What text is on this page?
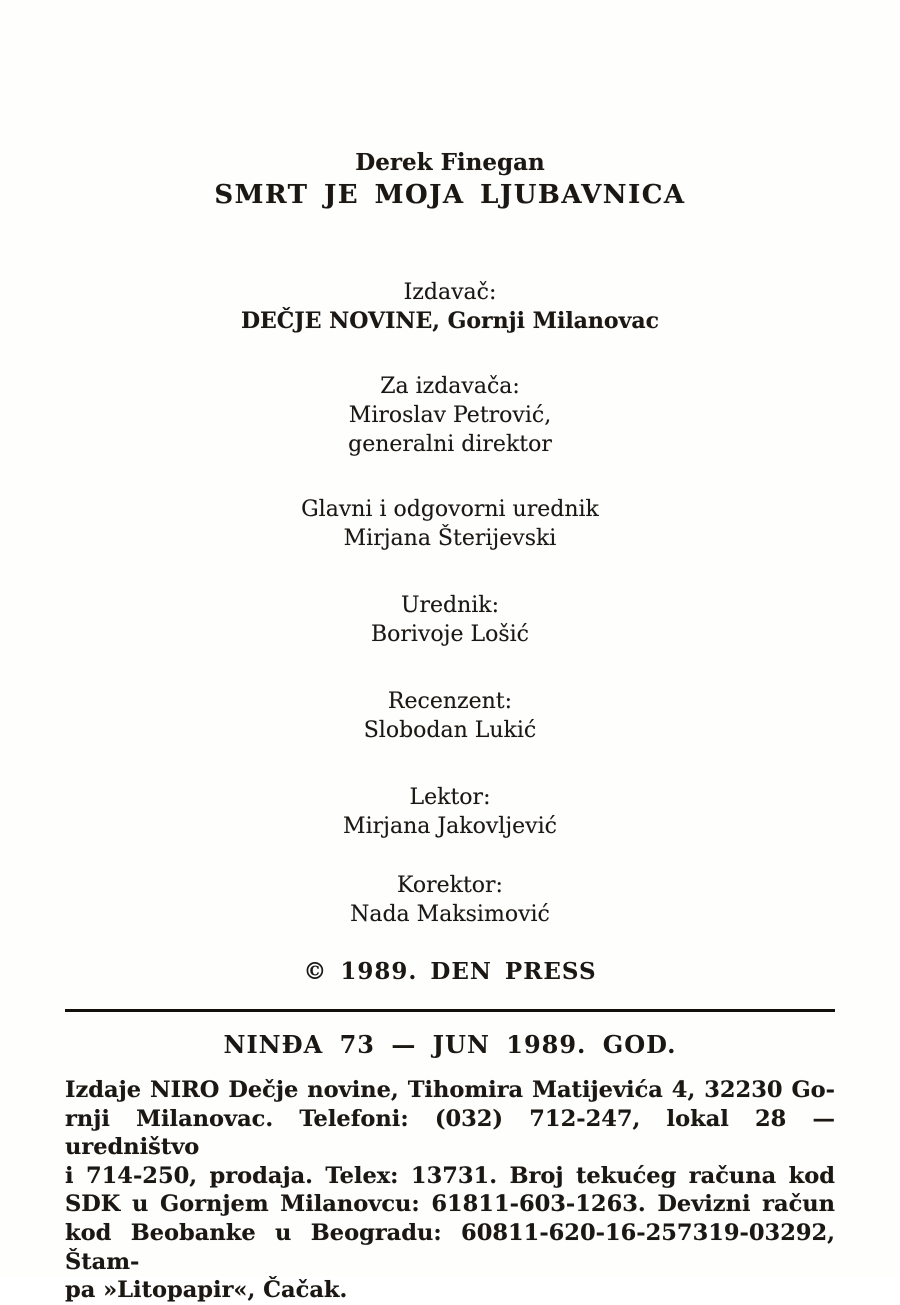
Derek Finegan
SMRT JE MOJA LJUBAVNICA
Izdavač:
DEČJE NOVINE, Gornji Milanovac
Za izdavača:
Miroslav Petrović,
generalni direktor
Glavni i odgovorni urednik
Mirjana Šterijevski
Urednik:
Borivoje Lošić
Recenzent:
Slobodan Lukić
Lektor:
Mirjana Jakovljević
Korektor:
Nada Maksimović
© 1989. DEN PRESS
NINĐA 73 — JUN 1989. GOD.
Izdaje NIRO Dečje novine, Tihomira Matijevića 4, 32230 Go-
rnji Milanovac. Telefoni: (032) 712-247, lokal 28 — uredništvo
i 714-250, prodaja. Telex: 13731. Broj tekućeg računa kod
SDK u Gornjem Milanovcu: 61811-603-1263. Devizni račun
kod Beobanke u Beogradu: 60811-620-16-257319-03292, Štam-
pa »Litopapir«, Čačak.
